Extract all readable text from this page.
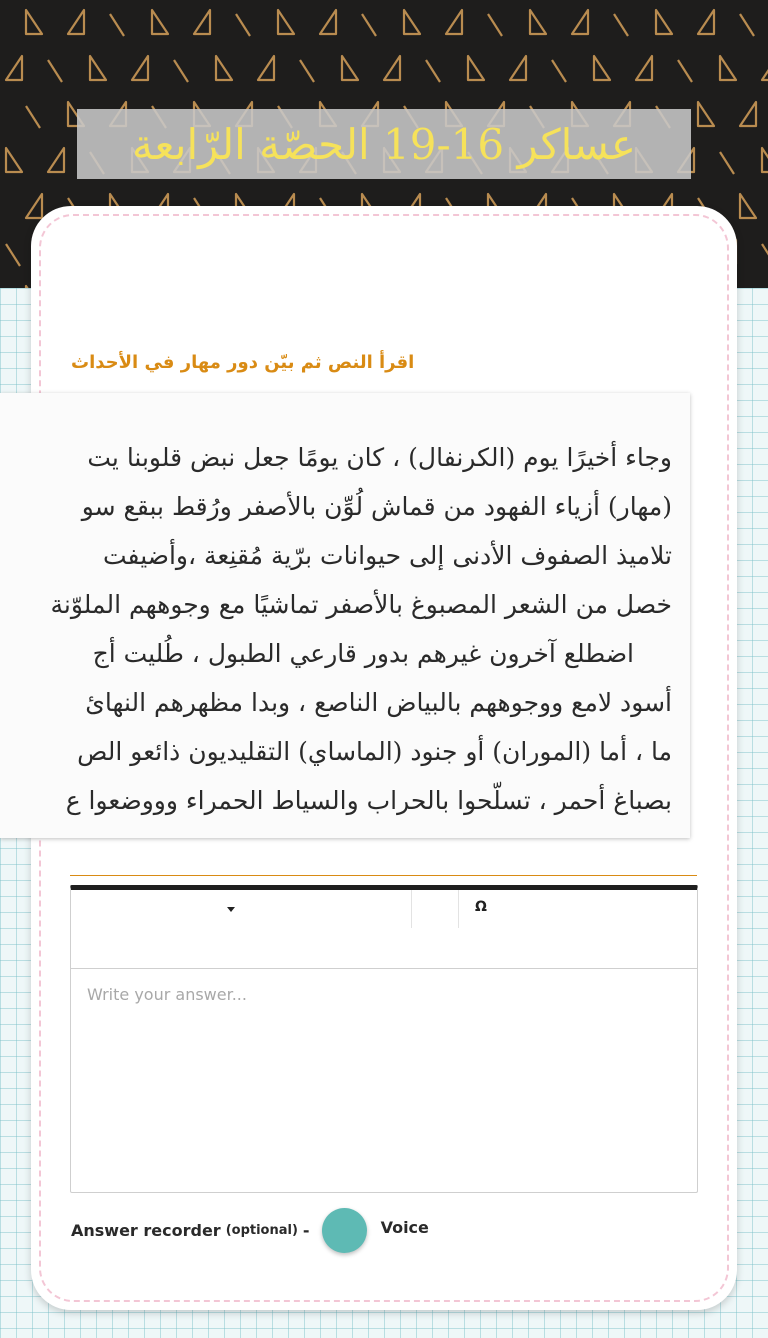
عساكر 16-19 الحصّة الرّابعة
اقرأ النص ثم بيّن دور مهار في الأحداث
وجاء أخيرًا يوم (الكرنفال) ، كان يومًا جعل نبض قلوبنا يت
(مهار) أزياء الفهود من قماش لُوِّن بالأصفر ورُقط ببقع سو
تلاميذ الصفوف الأدنى إلى حيوانات برّية مُقنِعة ،وأضيفت
خصل من الشعر المصبوغ بالأصفر تماشيًا مع وجوههم الملوّنة
اضطلع آخرون غيرهم بدور قارعي الطبول ، طُليت أج
أسود لامع ووجوههم بالبياض الناصع ، وبدا مظهرهم النهائ
ما ، أما (الموران) أو جنود (الماساي) التقليديون ذائعو الص
بصباغ أحمر ، تسلّحوا بالحراب والسياط الحمراء وووضعوا ع
Ω
Write your answer...
Answer recorder (optional) -	Voice
